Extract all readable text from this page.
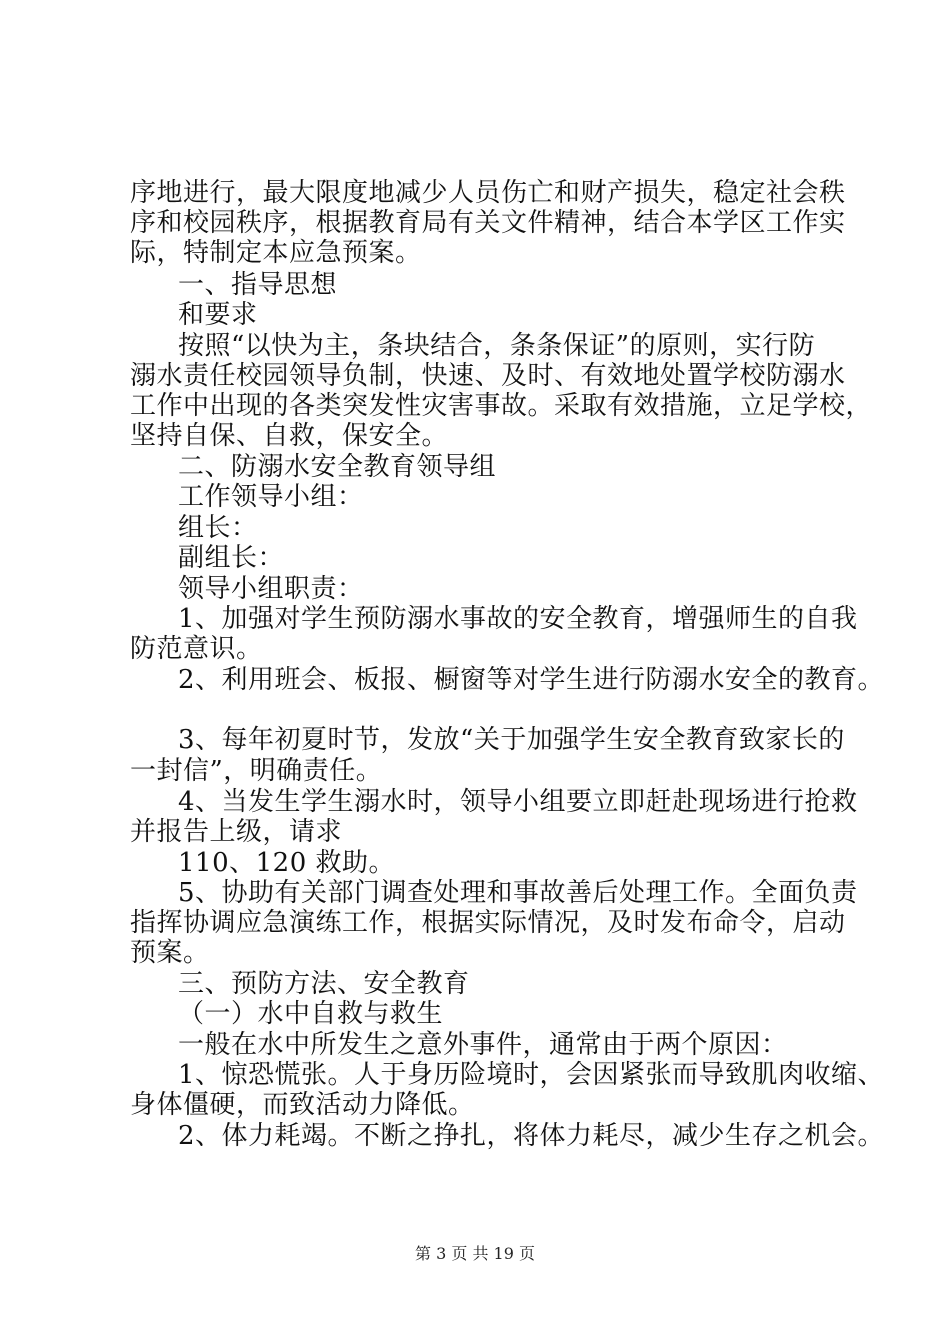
序地进行，最大限度地减少人员伤亡和财产损失，稳定社会秩
序和校园秩序，根据教育局有关文件精神，结合本学区工作实
际，特制定本应急预案。
一、指导思想
和要求
按照“以快为主，条块结合，条条保证”的原则，实行防
溺水责任校园领导负制，快速、及时、有效地处置学校防溺水
工作中出现的各类突发性灾害事故。采取有效措施，立足学校，
坚持自保、自救，保安全。
二、防溺水安全教育领导组
工作领导小组：
组长：
副组长：
领导小组职责：
1、加强对学生预防溺水事故的安全教育，增强师生的自我
防范意识。
2、利用班会、板报、橱窗等对学生进行防溺水安全的教育。
3、每年初夏时节，发放“关于加强学生安全教育致家长的
一封信”，明确责任。
4、当发生学生溺水时，领导小组要立即赶赴现场进行抢救
并报告上级，请求
110、120 救助。
5、协助有关部门调查处理和事故善后处理工作。全面负责
指挥协调应急演练工作，根据实际情况，及时发布命令，启动
预案。
三、预防方法、安全教育
（一）水中自救与救生
一般在水中所发生之意外事件，通常由于两个原因：
1、惊恐慌张。人于身历险境时，会因紧张而导致肌肉收缩、
身体僵硬，而致活动力降低。
2、体力耗竭。不断之挣扎，将体力耗尽，减少生存之机会。
第 3 页 共 19 页
